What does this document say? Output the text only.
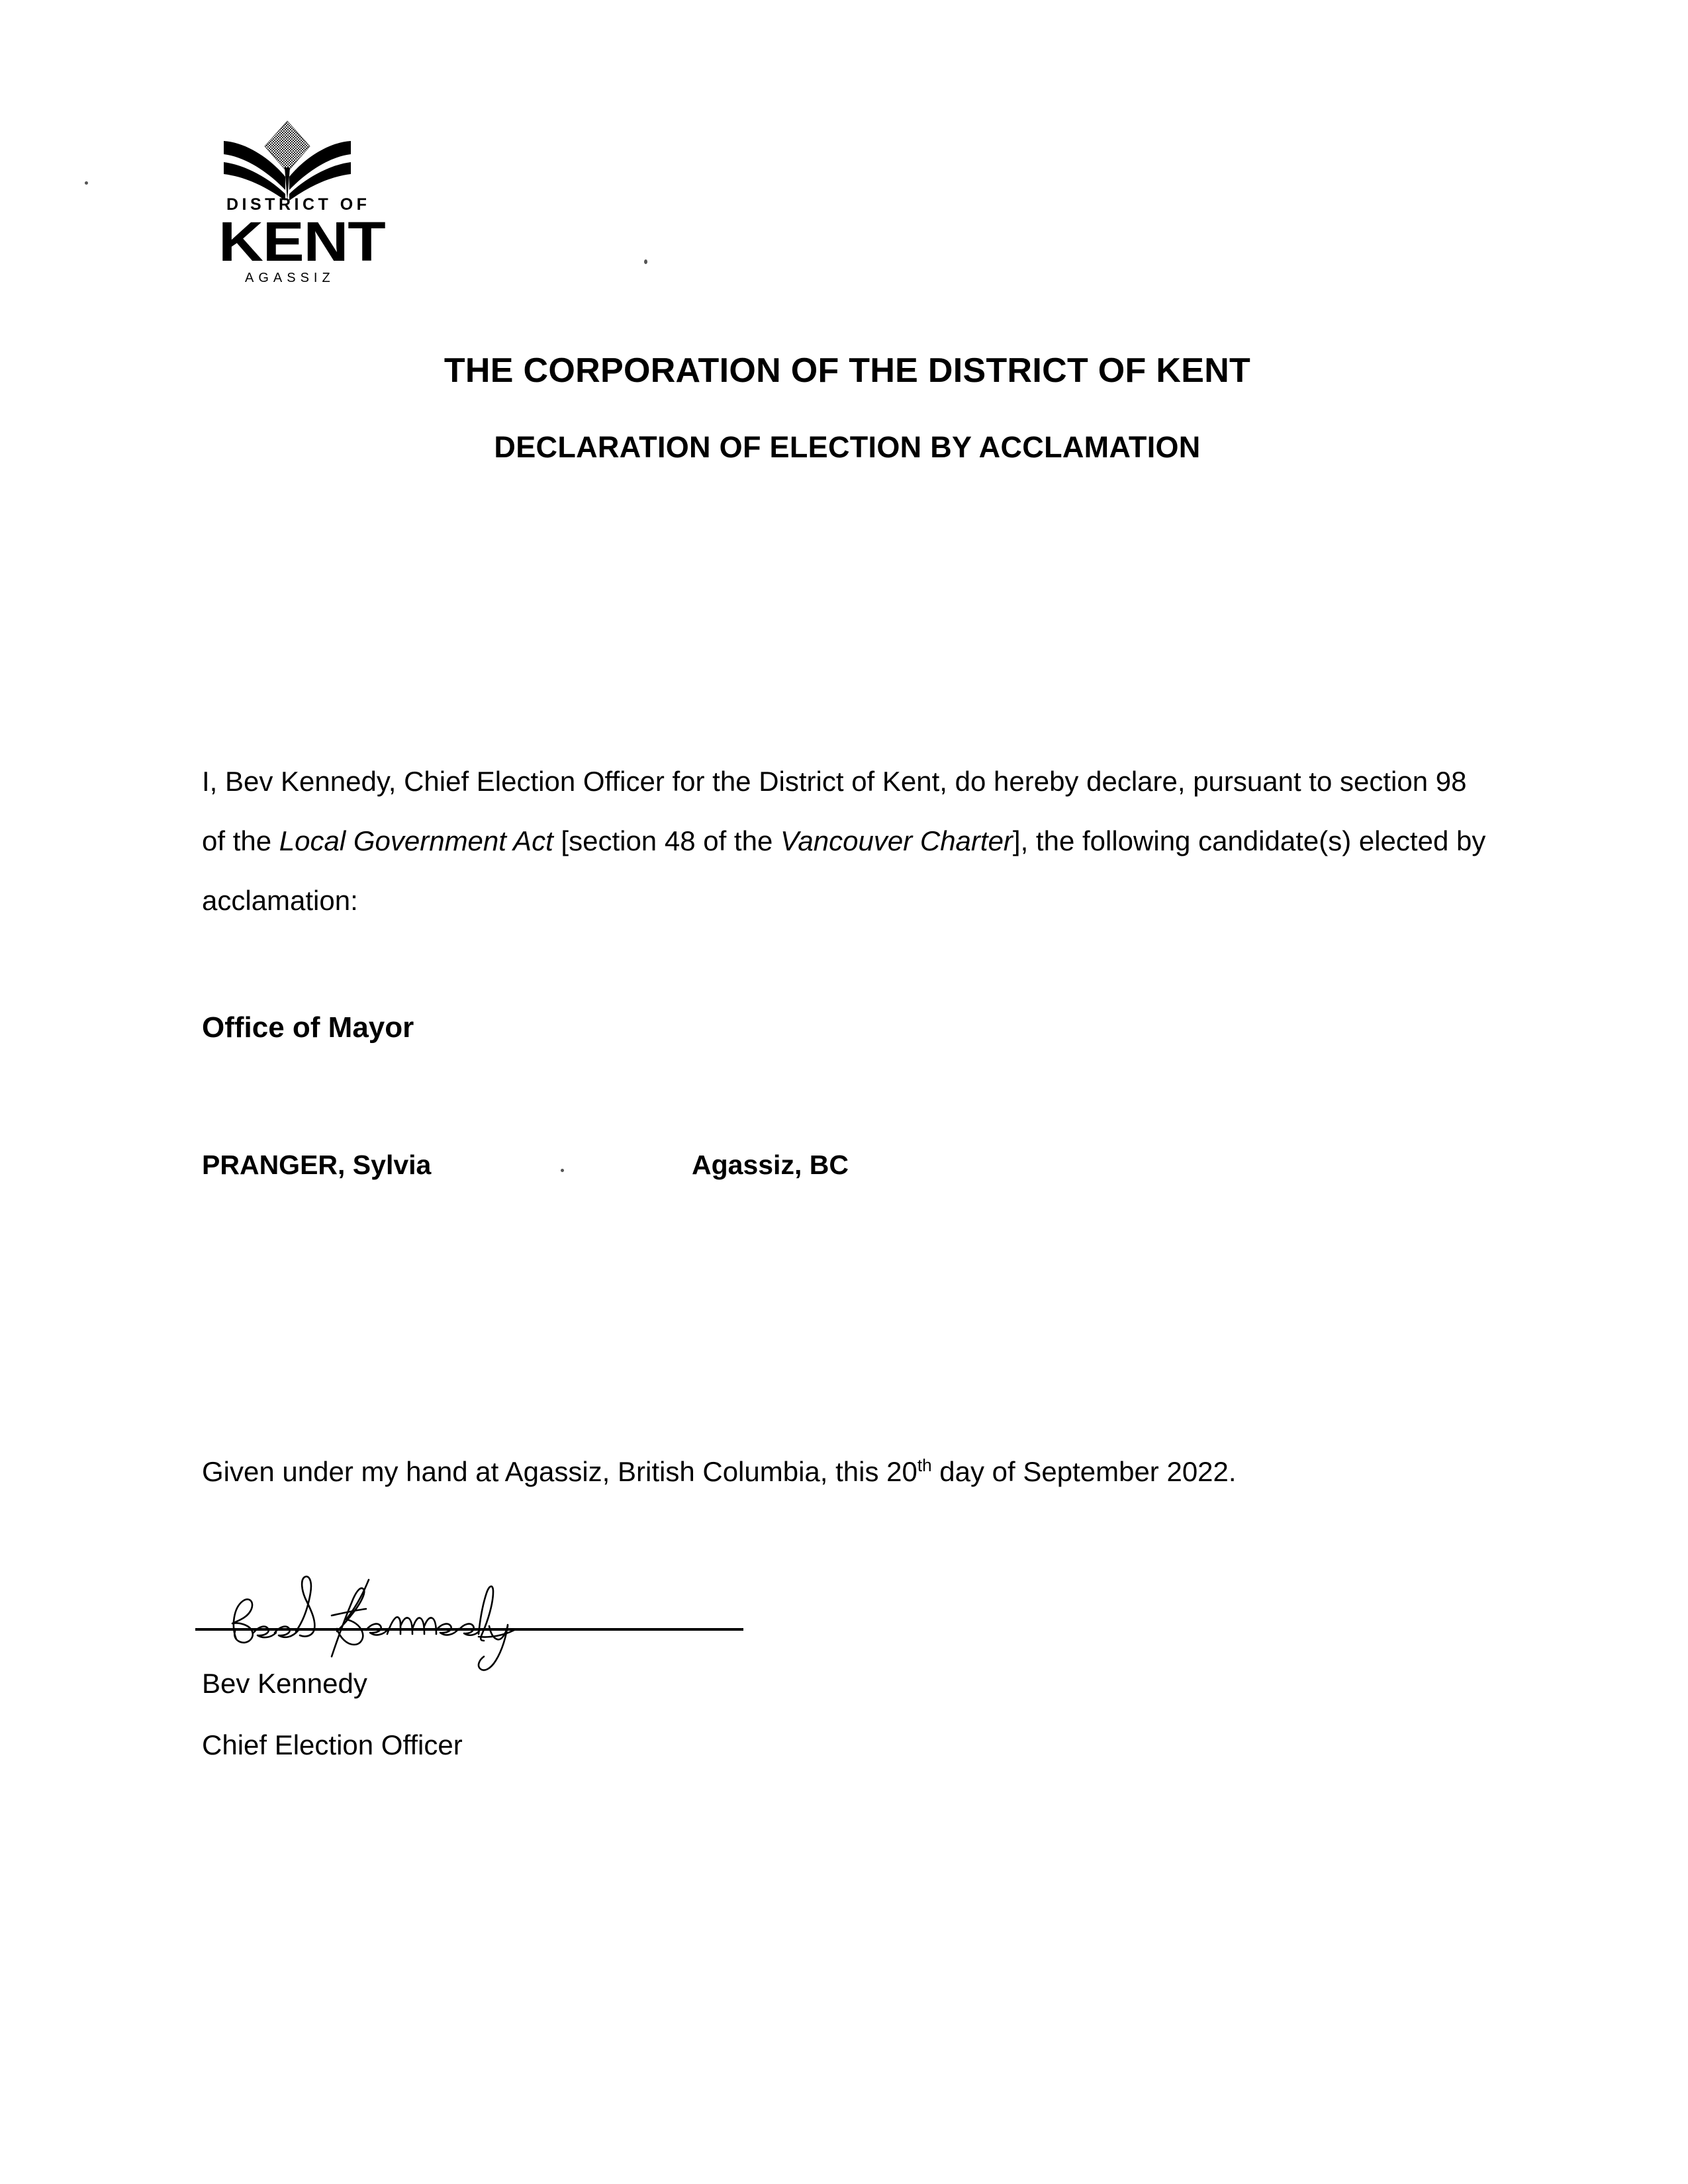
DISTRICT OF
KENT
AGASSIZ
THE CORPORATION OF THE DISTRICT OF KENT
DECLARATION OF ELECTION BY ACCLAMATION
I, Bev Kennedy, Chief Election Officer for the District of Kent, do hereby declare, pursuant to section 98 of the Local Government Act [section 48 of the Vancouver Charter], the following candidate(s) elected by acclamation:
Office of Mayor
PRANGER, Sylvia	Agassiz, BC
Given under my hand at Agassiz, British Columbia, this 20th day of September 2022.
Bev Kennedy
Chief Election Officer
